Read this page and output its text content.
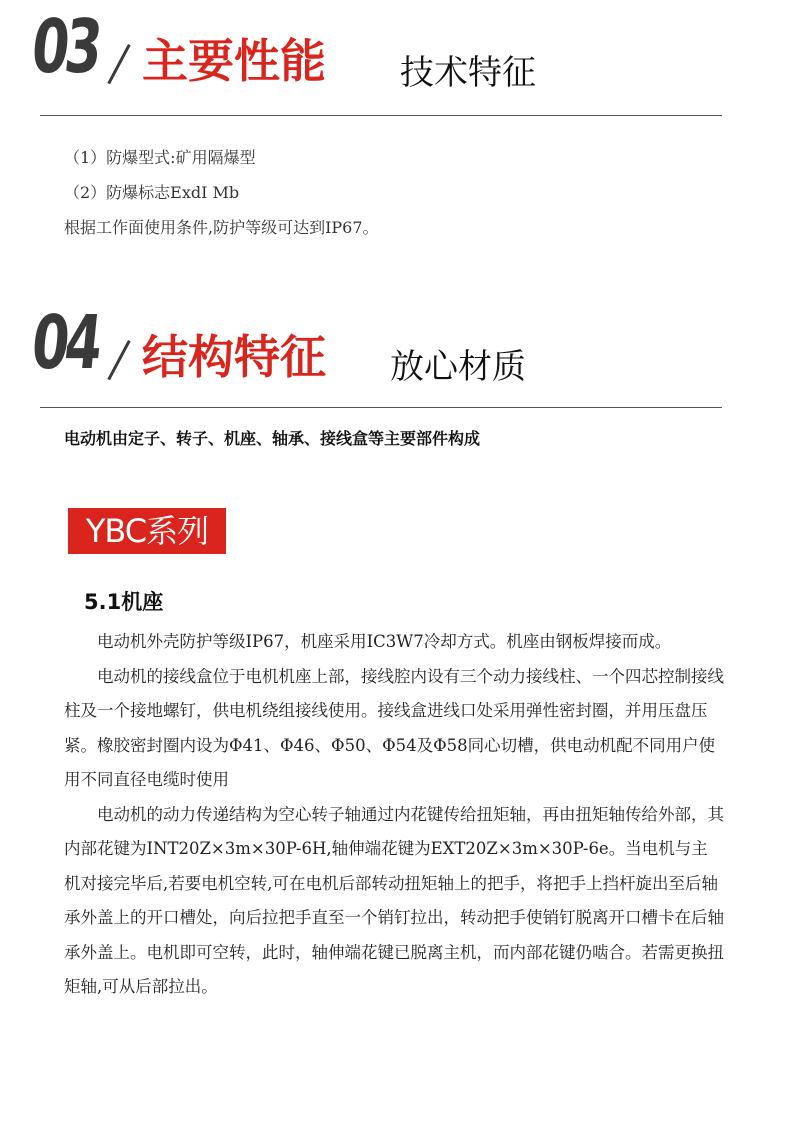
03 主要性能 技术特征
（1）防爆型式:矿用隔爆型
（2）防爆标志ExdI Mb
根据工作面使用条件,防护等级可达到IP67。
04 结构特征 放心材质
电动机由定子、转子、机座、轴承、接线盒等主要部件构成
YBC系列
5.1机座

电动机外壳防护等级IP67，机座采用IC3W7冷却方式。机座由钢板焊接而成。

电动机的接线盒位于电机机座上部，接线腔内设有三个动力接线柱、一个四芯控制接线柱及一个接地螺钉，供电机绕组接线使用。接线盒进线口处采用弹性密封圈，并用压盘压紧。橡胶密封圈内设为Φ41、Φ46、Φ50、Φ54及Φ58同心切槽，供电动机配不同用户使用不同直径电缆时使用

电动机的动力传递结构为空心转子轴通过内花键传给扭矩轴，再由扭矩轴传给外部，其内部花键为INT20Z×3m×30P-6H,轴伸端花键为EXT20Z×3m×30P-6e。当电机与主机对接完毕后,若要电机空转,可在电机后部转动扭矩轴上的把手，将把手上挡杆旋出至后轴承外盖上的开口槽处，向后拉把手直至一个销钉拉出，转动把手使销钉脱离开口槽卡在后轴承外盖上。电机即可空转，此时，轴伸端花键已脱离主机，而内部花键仍啮合。若需更换扭矩轴,可从后部拉出。
